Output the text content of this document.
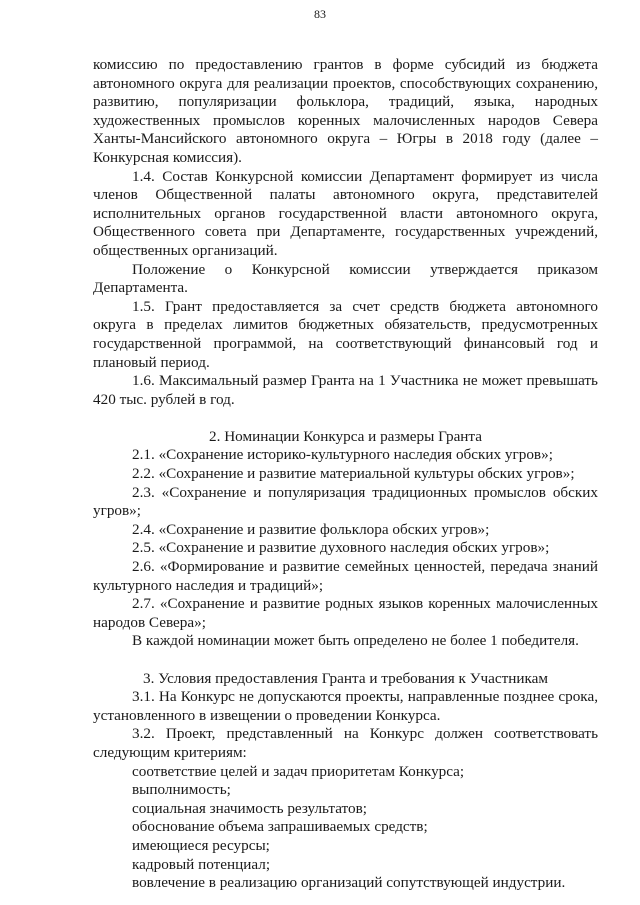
83

комиссию по предоставлению грантов в форме субсидий из бюджета автономного округа для реализации проектов, способствующих сохранению, развитию, популяризации фольклора, традиций, языка, народных художественных промыслов коренных малочисленных народов Севера Ханты-Мансийского автономного округа – Югры в 2018 году (далее – Конкурсная комиссия).

1.4. Состав Конкурсной комиссии Департамент формирует из числа членов Общественной палаты автономного округа, представителей исполнительных органов государственной власти автономного округа, Общественного совета при Департаменте, государственных учреждений, общественных организаций.

Положение о Конкурсной комиссии утверждается приказом Департамента.

1.5. Грант предоставляется за счет средств бюджета автономного округа в пределах лимитов бюджетных обязательств, предусмотренных государственной программой, на соответствующий финансовый год и плановый период.

1.6. Максимальный размер Гранта на 1 Участника не может превышать 420 тыс. рублей в год.

2. Номинации Конкурса и размеры Гранта

2.1. «Сохранение историко-культурного наследия обских угров»;

2.2. «Сохранение и развитие материальной культуры обских угров»;

2.3. «Сохранение и популяризация традиционных промыслов обских угров»;

2.4. «Сохранение и развитие фольклора обских угров»;

2.5. «Сохранение и развитие духовного наследия обских угров»;

2.6. «Формирование и развитие семейных ценностей, передача знаний культурного наследия и традиций»;

2.7. «Сохранение и развитие родных языков коренных малочисленных народов Севера»;

В каждой номинации может быть определено не более 1 победителя.

3. Условия предоставления Гранта и требования к Участникам

3.1. На Конкурс не допускаются проекты, направленные позднее срока, установленного в извещении о проведении Конкурса.

3.2. Проект, представленный на Конкурс должен соответствовать следующим критериям:

соответствие целей и задач приоритетам Конкурса;

выполнимость;

социальная значимость результатов;

обоснование объема запрашиваемых средств;

имеющиеся ресурсы;

кадровый потенциал;

вовлечение в реализацию организаций сопутствующей индустрии.
